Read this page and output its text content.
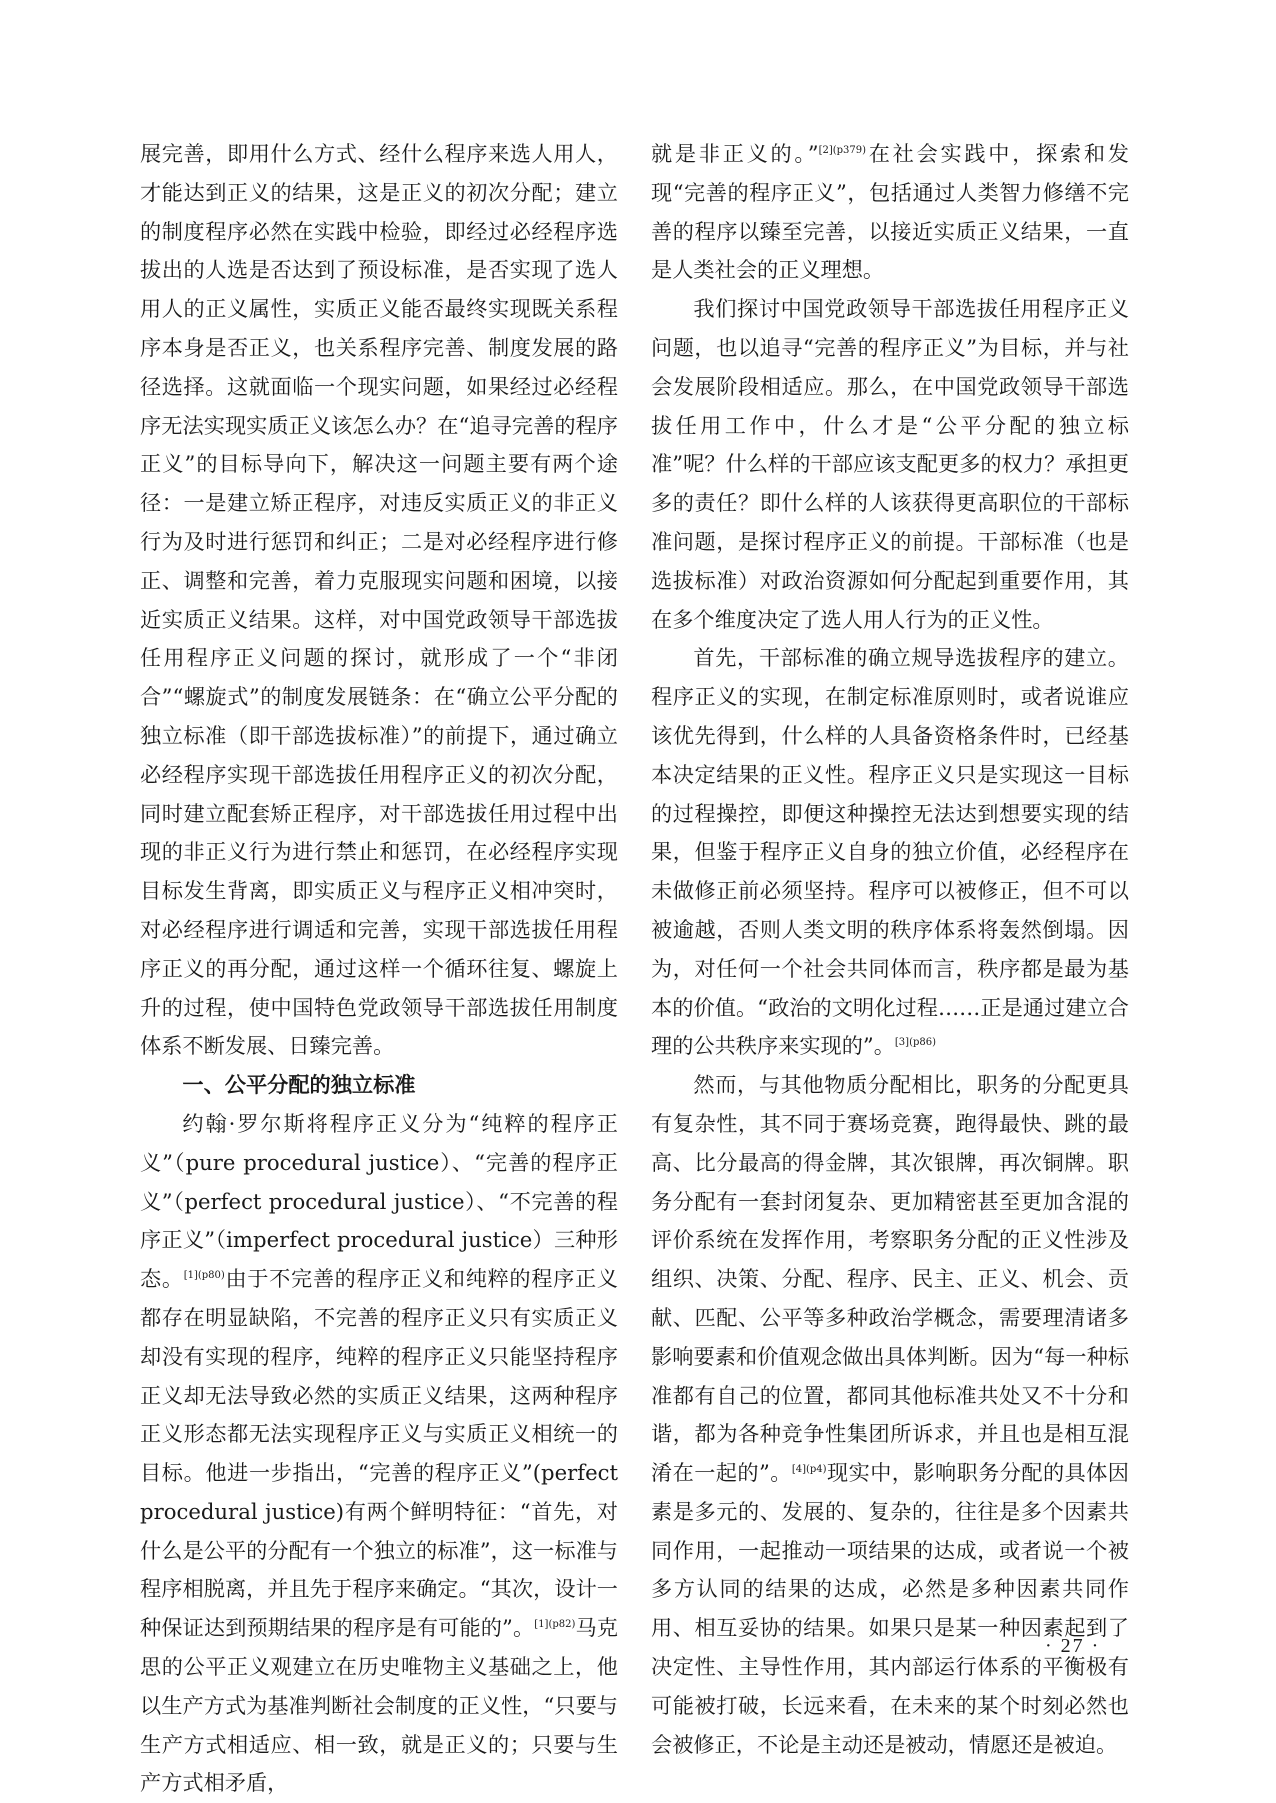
展完善，即用什么方式、经什么程序来选人用人，才能达到正义的结果，这是正义的初次分配；建立的制度程序必然在实践中检验，即经过必经程序选拔出的人选是否达到了预设标准，是否实现了选人用人的正义属性，实质正义能否最终实现既关系程序本身是否正义，也关系程序完善、制度发展的路径选择。这就面临一个现实问题，如果经过必经程序无法实现实质正义该怎么办？在“追寻完善的程序正义”的目标导向下，解决这一问题主要有两个途径：一是建立矫正程序，对违反实质正义的非正义行为及时进行惩罚和纠正；二是对必经程序进行修正、调整和完善，着力克服现实问题和困境，以接近实质正义结果。这样，对中国党政领导干部选拔任用程序正义问题的探讨，就形成了一个“非闭合”“螺旋式”的制度发展链条：在“确立公平分配的独立标准（即干部选拔标准）”的前提下，通过确立必经程序实现干部选拔任用程序正义的初次分配，同时建立配套矫正程序，对干部选拔任用过程中出现的非正义行为进行禁止和惩罚，在必经程序实现目标发生背离，即实质正义与程序正义相冲突时，对必经程序进行调适和完善，实现干部选拔任用程序正义的再分配，通过这样一个循环往复、螺旋上升的过程，使中国特色党政领导干部选拔任用制度体系不断发展、日臻完善。

一、公平分配的独立标准

约翰·罗尔斯将程序正义分为“纯粹的程序正义”（pure procedural justice）、“完善的程序正义”（perfect procedural justice）、“不完善的程序正义”（imperfect procedural justice）三种形态。$^{[1](p80)}$由于不完善的程序正义和纯粹的程序正义都存在明显缺陷，不完善的程序正义只有实质正义却没有实现的程序，纯粹的程序正义只能坚持程序正义却无法导致必然的实质正义结果，这两种程序正义形态都无法实现程序正义与实质正义相统一的目标。他进一步指出，“完善的程序正义”(perfect procedural justice)有两个鲜明特征：“首先，对什么是公平的分配有一个独立的标准”，这一标准与程序相脱离，并且先于程序来确定。“其次，设计一种保证达到预期结果的程序是有可能的”。$^{[1](p82)}$马克思的公平正义观建立在历史唯物主义基础之上，他以生产方式为基准判断社会制度的正义性，“只要与生产方式相适应、相一致，就是正义的；只要与生产方式相矛盾，

就是非正义的。”$^{[2](p379)}$在社会实践中，探索和发现“完善的程序正义”，包括通过人类智力修缮不完善的程序以臻至完善，以接近实质正义结果，一直是人类社会的正义理想。

我们探讨中国党政领导干部选拔任用程序正义问题，也以追寻“完善的程序正义”为目标，并与社会发展阶段相适应。那么，在中国党政领导干部选拔任用工作中，什么才是“公平分配的独立标准”呢？什么样的干部应该支配更多的权力？承担更多的责任？即什么样的人该获得更高职位的干部标准问题，是探讨程序正义的前提。干部标准（也是选拔标准）对政治资源如何分配起到重要作用，其在多个维度决定了选人用人行为的正义性。

首先，干部标准的确立规导选拔程序的建立。程序正义的实现，在制定标准原则时，或者说谁应该优先得到，什么样的人具备资格条件时，已经基本决定结果的正义性。程序正义只是实现这一目标的过程操控，即便这种操控无法达到想要实现的结果，但鉴于程序正义自身的独立价值，必经程序在未做修正前必须坚持。程序可以被修正，但不可以被逾越，否则人类文明的秩序体系将轰然倒塌。因为，对任何一个社会共同体而言，秩序都是最为基本的价值。“政治的文明化过程……正是通过建立合理的公共秩序来实现的”。$^{[3](p86)}$

然而，与其他物质分配相比，职务的分配更具有复杂性，其不同于赛场竞赛，跑得最快、跳的最高、比分最高的得金牌，其次银牌，再次铜牌。职务分配有一套封闭复杂、更加精密甚至更加含混的评价系统在发挥作用，考察职务分配的正义性涉及组织、决策、分配、程序、民主、正义、机会、贡献、匹配、公平等多种政治学概念，需要理清诸多影响要素和价值观念做出具体判断。因为“每一种标准都有自己的位置，都同其他标准共处又不十分和谐，都为各种竞争性集团所诉求，并且也是相互混淆在一起的”。$^{[4](p4)}$现实中，影响职务分配的具体因素是多元的、发展的、复杂的，往往是多个因素共同作用，一起推动一项结果的达成，或者说一个被多方认同的结果的达成，必然是多种因素共同作用、相互妥协的结果。如果只是某一种因素起到了决定性、主导性作用，其内部运行体系的平衡极有可能被打破，长远来看，在未来的某个时刻必然也会被修正，不论是主动还是被动，情愿还是被迫。

· 27 ·
